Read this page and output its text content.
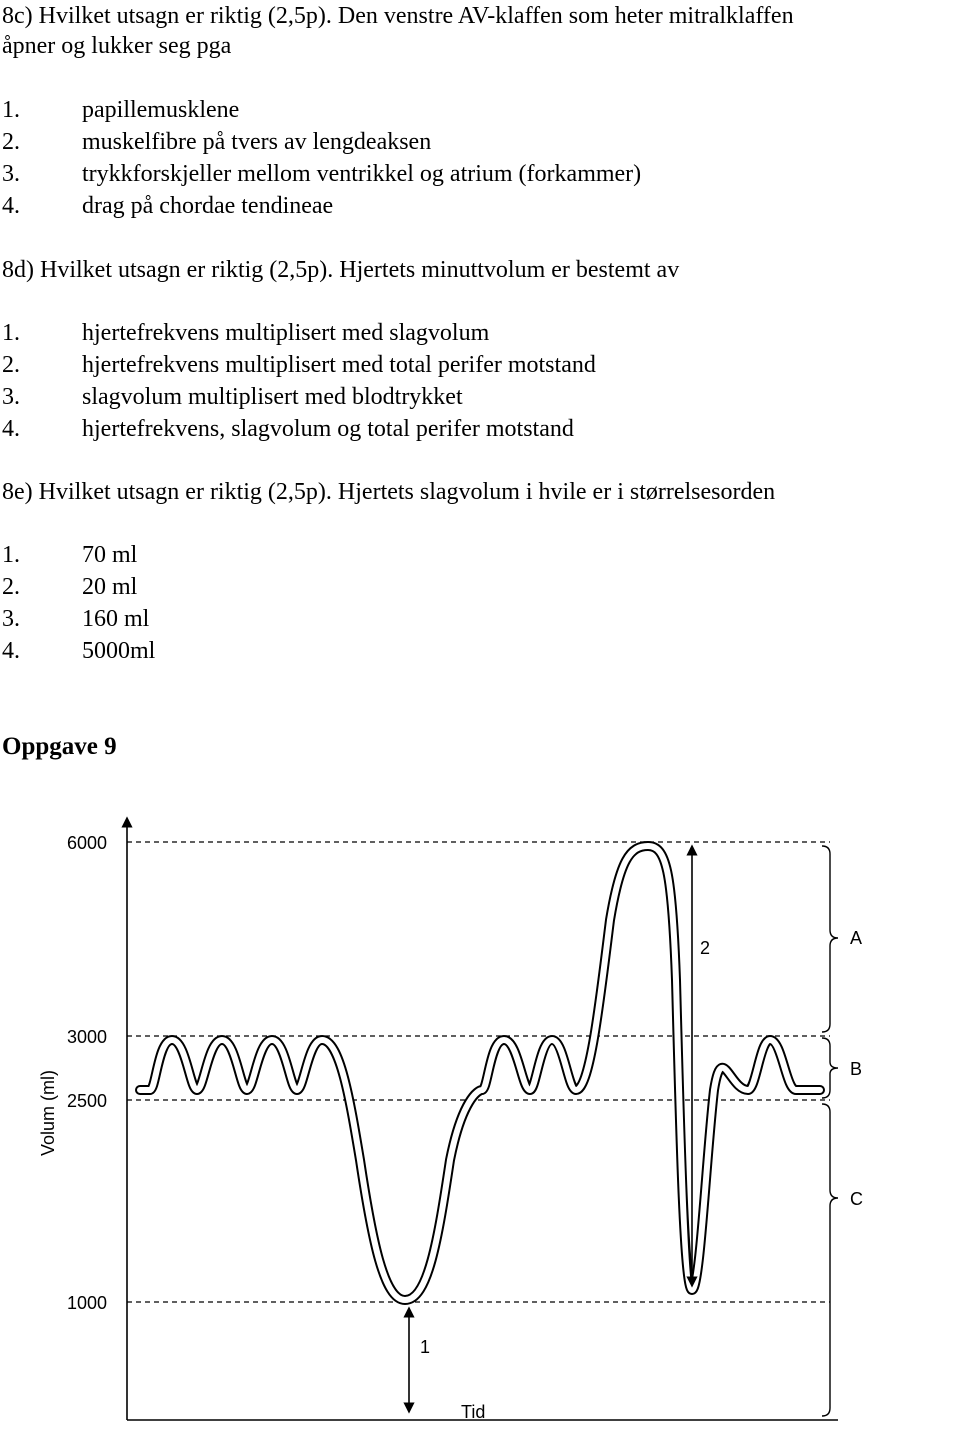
8c) Hvilket utsagn er riktig (2,5p). Den venstre AV-klaffen som heter mitralklaffen
åpner og lukker seg pga
1.	papillemusklene
2.	muskelfibre på tvers av lengdeaksen
3.	trykkforskjeller mellom ventrikkel og atrium (forkammer)
4.	drag på chordae tendineae
8d) Hvilket utsagn er riktig (2,5p). Hjertets minuttvolum er bestemt av
1.	hjertefrekvens multiplisert med slagvolum
2.	hjertefrekvens multiplisert med total perifer motstand
3.	slagvolum multiplisert med blodtrykket
4.	hjertefrekvens, slagvolum og total perifer motstand
8e) Hvilket utsagn er riktig (2,5p). Hjertets slagvolum i hvile er i størrelsesorden
1.	70 ml
2.	20 ml
3.	160 ml
4.	5000ml
Oppgave 9
6000
3000
2500
1000
Volum (ml)
Tid
1
2	A
B
C
